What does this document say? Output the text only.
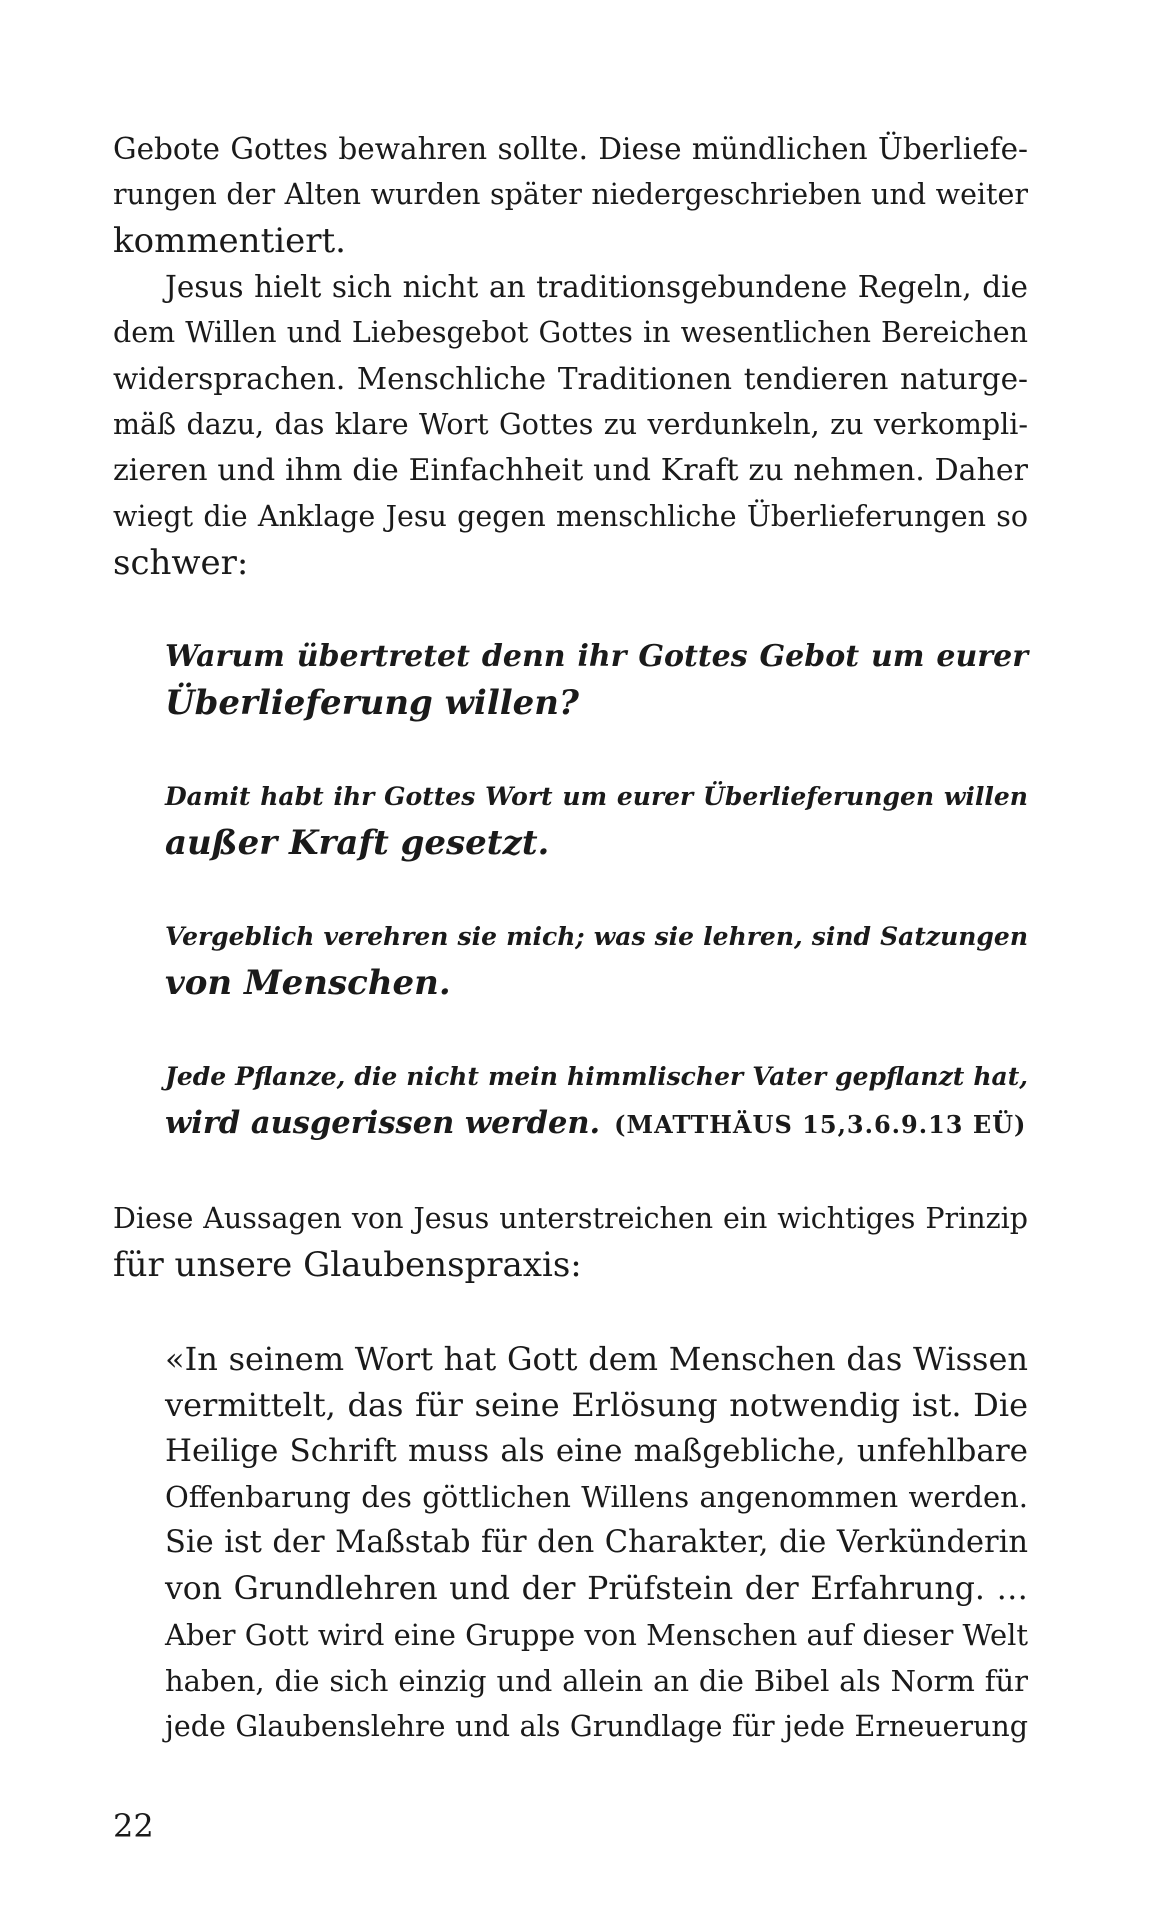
Gebote Gottes bewahren sollte. Diese mündlichen Überliefe-
rungen der Alten wurden später niedergeschrieben und weiter
kommentiert.
Jesus hielt sich nicht an traditionsgebundene Regeln, die
dem Willen und Liebesgebot Gottes in wesentlichen Bereichen
widersprachen. Menschliche Traditionen tendieren naturge-
mäß dazu, das klare Wort Gottes zu verdunkeln, zu verkompli-
zieren und ihm die Einfachheit und Kraft zu nehmen. Daher
wiegt die Anklage Jesu gegen menschliche Überlieferungen so
schwer:
Warum übertretet denn ihr Gottes Gebot um eurer
Überlieferung willen?
Damit habt ihr Gottes Wort um eurer Überlieferungen willen
außer Kraft gesetzt.
Vergeblich verehren sie mich; was sie lehren, sind Satzungen
von Menschen.
Jede Pflanze, die nicht mein himmlischer Vater gepflanzt hat,
wird ausgerissen werden. (MATTHÄUS 15,3.6.9.13 EÜ)
Diese Aussagen von Jesus unterstreichen ein wichtiges Prinzip
für unsere Glaubenspraxis:
«In seinem Wort hat Gott dem Menschen das Wissen
vermittelt, das für seine Erlösung notwendig ist. Die
Heilige Schrift muss als eine maßgebliche, unfehlbare
Offenbarung des göttlichen Willens angenommen werden.
Sie ist der Maßstab für den Charakter, die Verkünderin
von Grundlehren und der Prüfstein der Erfahrung. …
Aber Gott wird eine Gruppe von Menschen auf dieser Welt
haben, die sich einzig und allein an die Bibel als Norm für
jede Glaubenslehre und als Grundlage für jede Erneuerung
22
